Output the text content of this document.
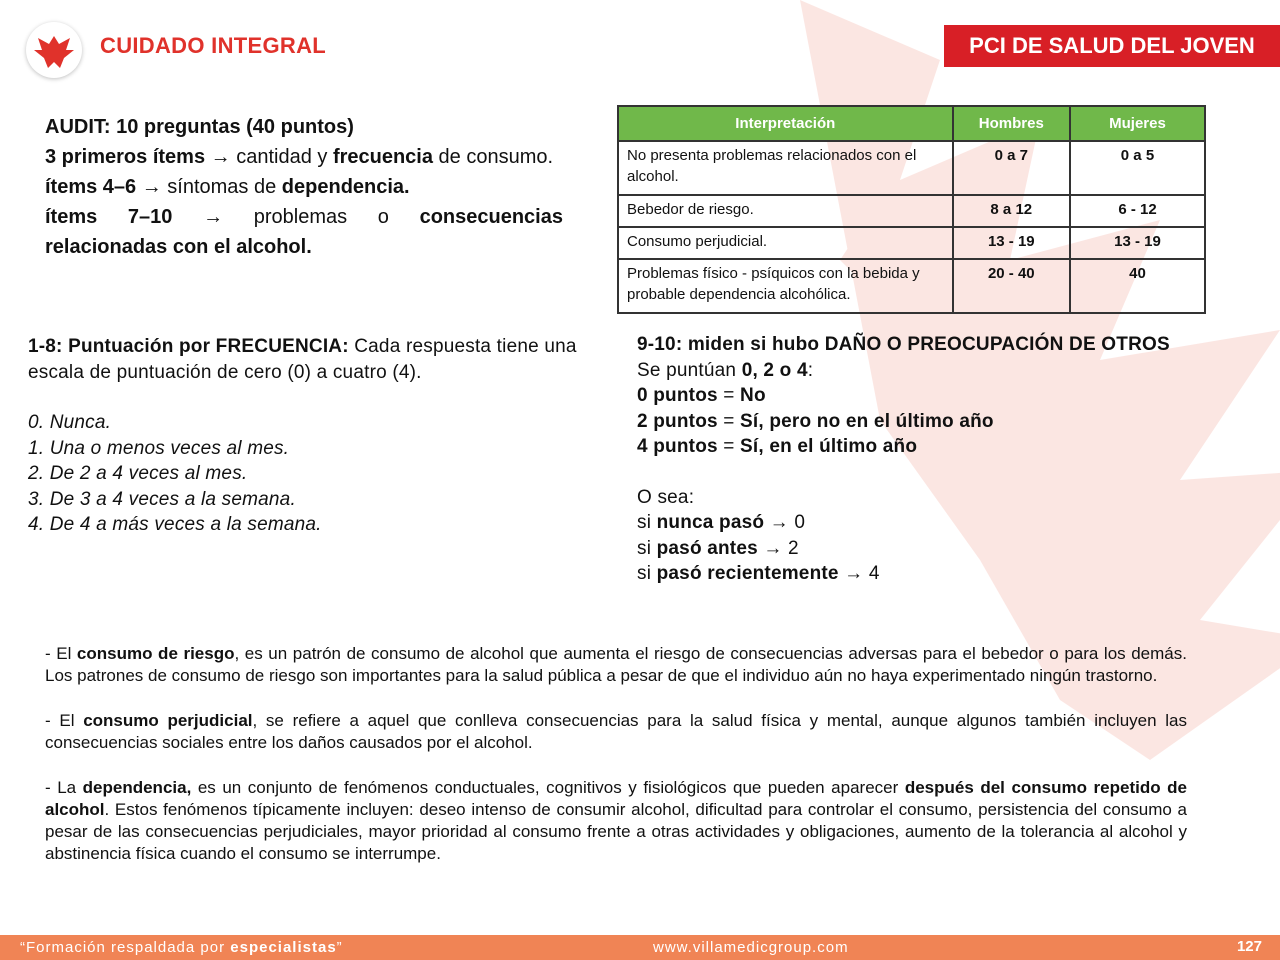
CUIDADO INTEGRAL	PCI DE SALUD DEL JOVEN

AUDIT: 10 preguntas (40 puntos)

3 primeros ítems → cantidad y frecuencia de consumo.

ítems 4–6 → síntomas de dependencia.

ítems 7–10 → problemas o consecuencias relacionadas con el alcohol.

Interpretación	Hombres	Mujeres
No presenta problemas relacionados con el alcohol.	0 a 7	0 a 5
Bebedor de riesgo.	8 a 12	6 - 12
Consumo perjudicial.	13 - 19	13 - 19
Problemas físico - psíquicos con la bebida y probable dependencia alcohólica.	20 - 40	40
1-8: Puntuación por FRECUENCIA: Cada respuesta tiene una escala de puntuación de cero (0) a cuatro (4).
0. Nunca.
1. Una o menos veces al mes.
2. De 2 a 4 veces al mes.
3. De 3 a 4 veces a la semana.
4. De 4 a más veces a la semana.
9-10: miden si hubo DAÑO O PREOCUPACIÓN DE OTROS
Se puntúan 0, 2 o 4:
0 puntos = No
2 puntos = Sí, pero no en el último año
4 puntos = Sí, en el último año
O sea:
si nunca pasó → 0
si pasó antes → 2
si pasó recientemente → 4

- El consumo de riesgo, es un patrón de consumo de alcohol que aumenta el riesgo de consecuencias adversas para el bebedor o para los demás. Los patrones de consumo de riesgo son importantes para la salud pública a pesar de que el individuo aún no haya experimentado ningún trastorno.

- El consumo perjudicial, se refiere a aquel que conlleva consecuencias para la salud física y mental, aunque algunos también incluyen las consecuencias sociales entre los daños causados por el alcohol.

- La dependencia, es un conjunto de fenómenos conductuales, cognitivos y fisiológicos que pueden aparecer después del consumo repetido de alcohol. Estos fenómenos típicamente incluyen: deseo intenso de consumir alcohol, dificultad para controlar el consumo, persistencia del consumo a pesar de las consecuencias perjudiciales, mayor prioridad al consumo frente a otras actividades y obligaciones, aumento de la tolerancia al alcohol y abstinencia física cuando el consumo se interrumpe.

“Formación respaldada por especialistas”	www.villamedicgroup.com	127
